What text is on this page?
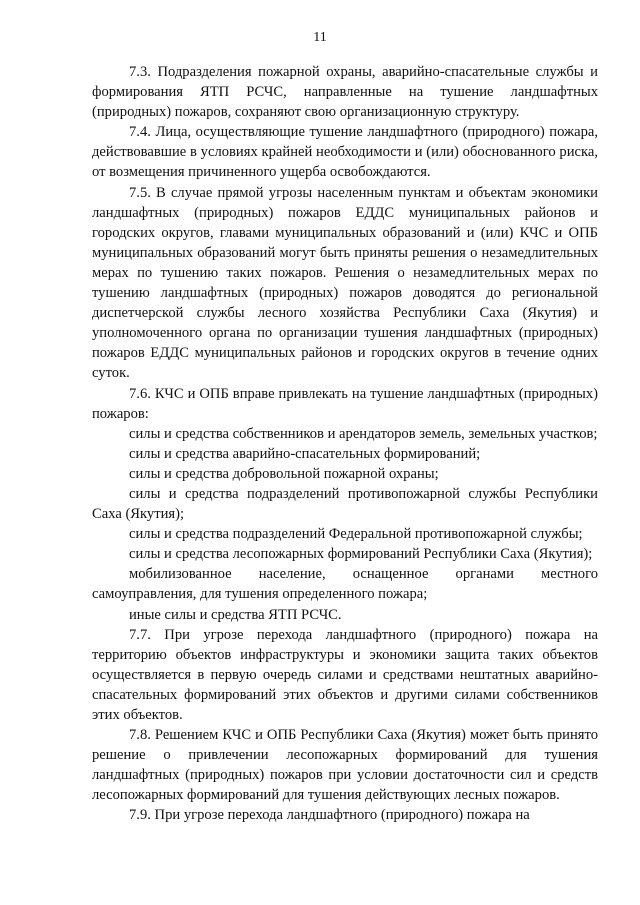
11

7.3. Подразделения пожарной охраны, аварийно-спасательные службы и формирования ЯТП РСЧС, направленные на тушение ландшафтных (природных) пожаров, сохраняют свою организационную структуру.

7.4. Лица, осуществляющие тушение ландшафтного (природного) пожара, действовавшие в условиях крайней необходимости и (или) обоснованного риска, от возмещения причиненного ущерба освобождаются.

7.5. В случае прямой угрозы населенным пунктам и объектам экономики ландшафтных (природных) пожаров ЕДДС муниципальных районов и городских округов, главами муниципальных образований и (или) КЧС и ОПБ муниципальных образований могут быть приняты решения о незамедлительных мерах по тушению таких пожаров. Решения о незамедлительных мерах по тушению ландшафтных (природных) пожаров доводятся до региональной диспетчерской службы лесного хозяйства Республики Саха (Якутия) и уполномоченного органа по организации тушения ландшафтных (природных) пожаров ЕДДС муниципальных районов и городских округов в течение одних суток.

7.6. КЧС и ОПБ вправе привлекать на тушение ландшафтных (природных) пожаров:

силы и средства собственников и арендаторов земель, земельных участков;

силы и средства аварийно-спасательных формирований;

силы и средства добровольной пожарной охраны;

силы и средства подразделений противопожарной службы Республики Саха (Якутия);

силы и средства подразделений Федеральной противопожарной службы;

силы и средства лесопожарных формирований Республики Саха (Якутия);

мобилизованное население, оснащенное органами местного самоуправления, для тушения определенного пожара;

иные силы и средства ЯТП РСЧС.

7.7. При угрозе перехода ландшафтного (природного) пожара на территорию объектов инфраструктуры и экономики защита таких объектов осуществляется в первую очередь силами и средствами нештатных аварийно-спасательных формирований этих объектов и другими силами собственников этих объектов.

7.8. Решением КЧС и ОПБ Республики Саха (Якутия) может быть принято решение о привлечении лесопожарных формирований для тушения ландшафтных (природных) пожаров при условии достаточности сил и средств лесопожарных формирований для тушения действующих лесных пожаров.

7.9. При угрозе перехода ландшафтного (природного) пожара на
